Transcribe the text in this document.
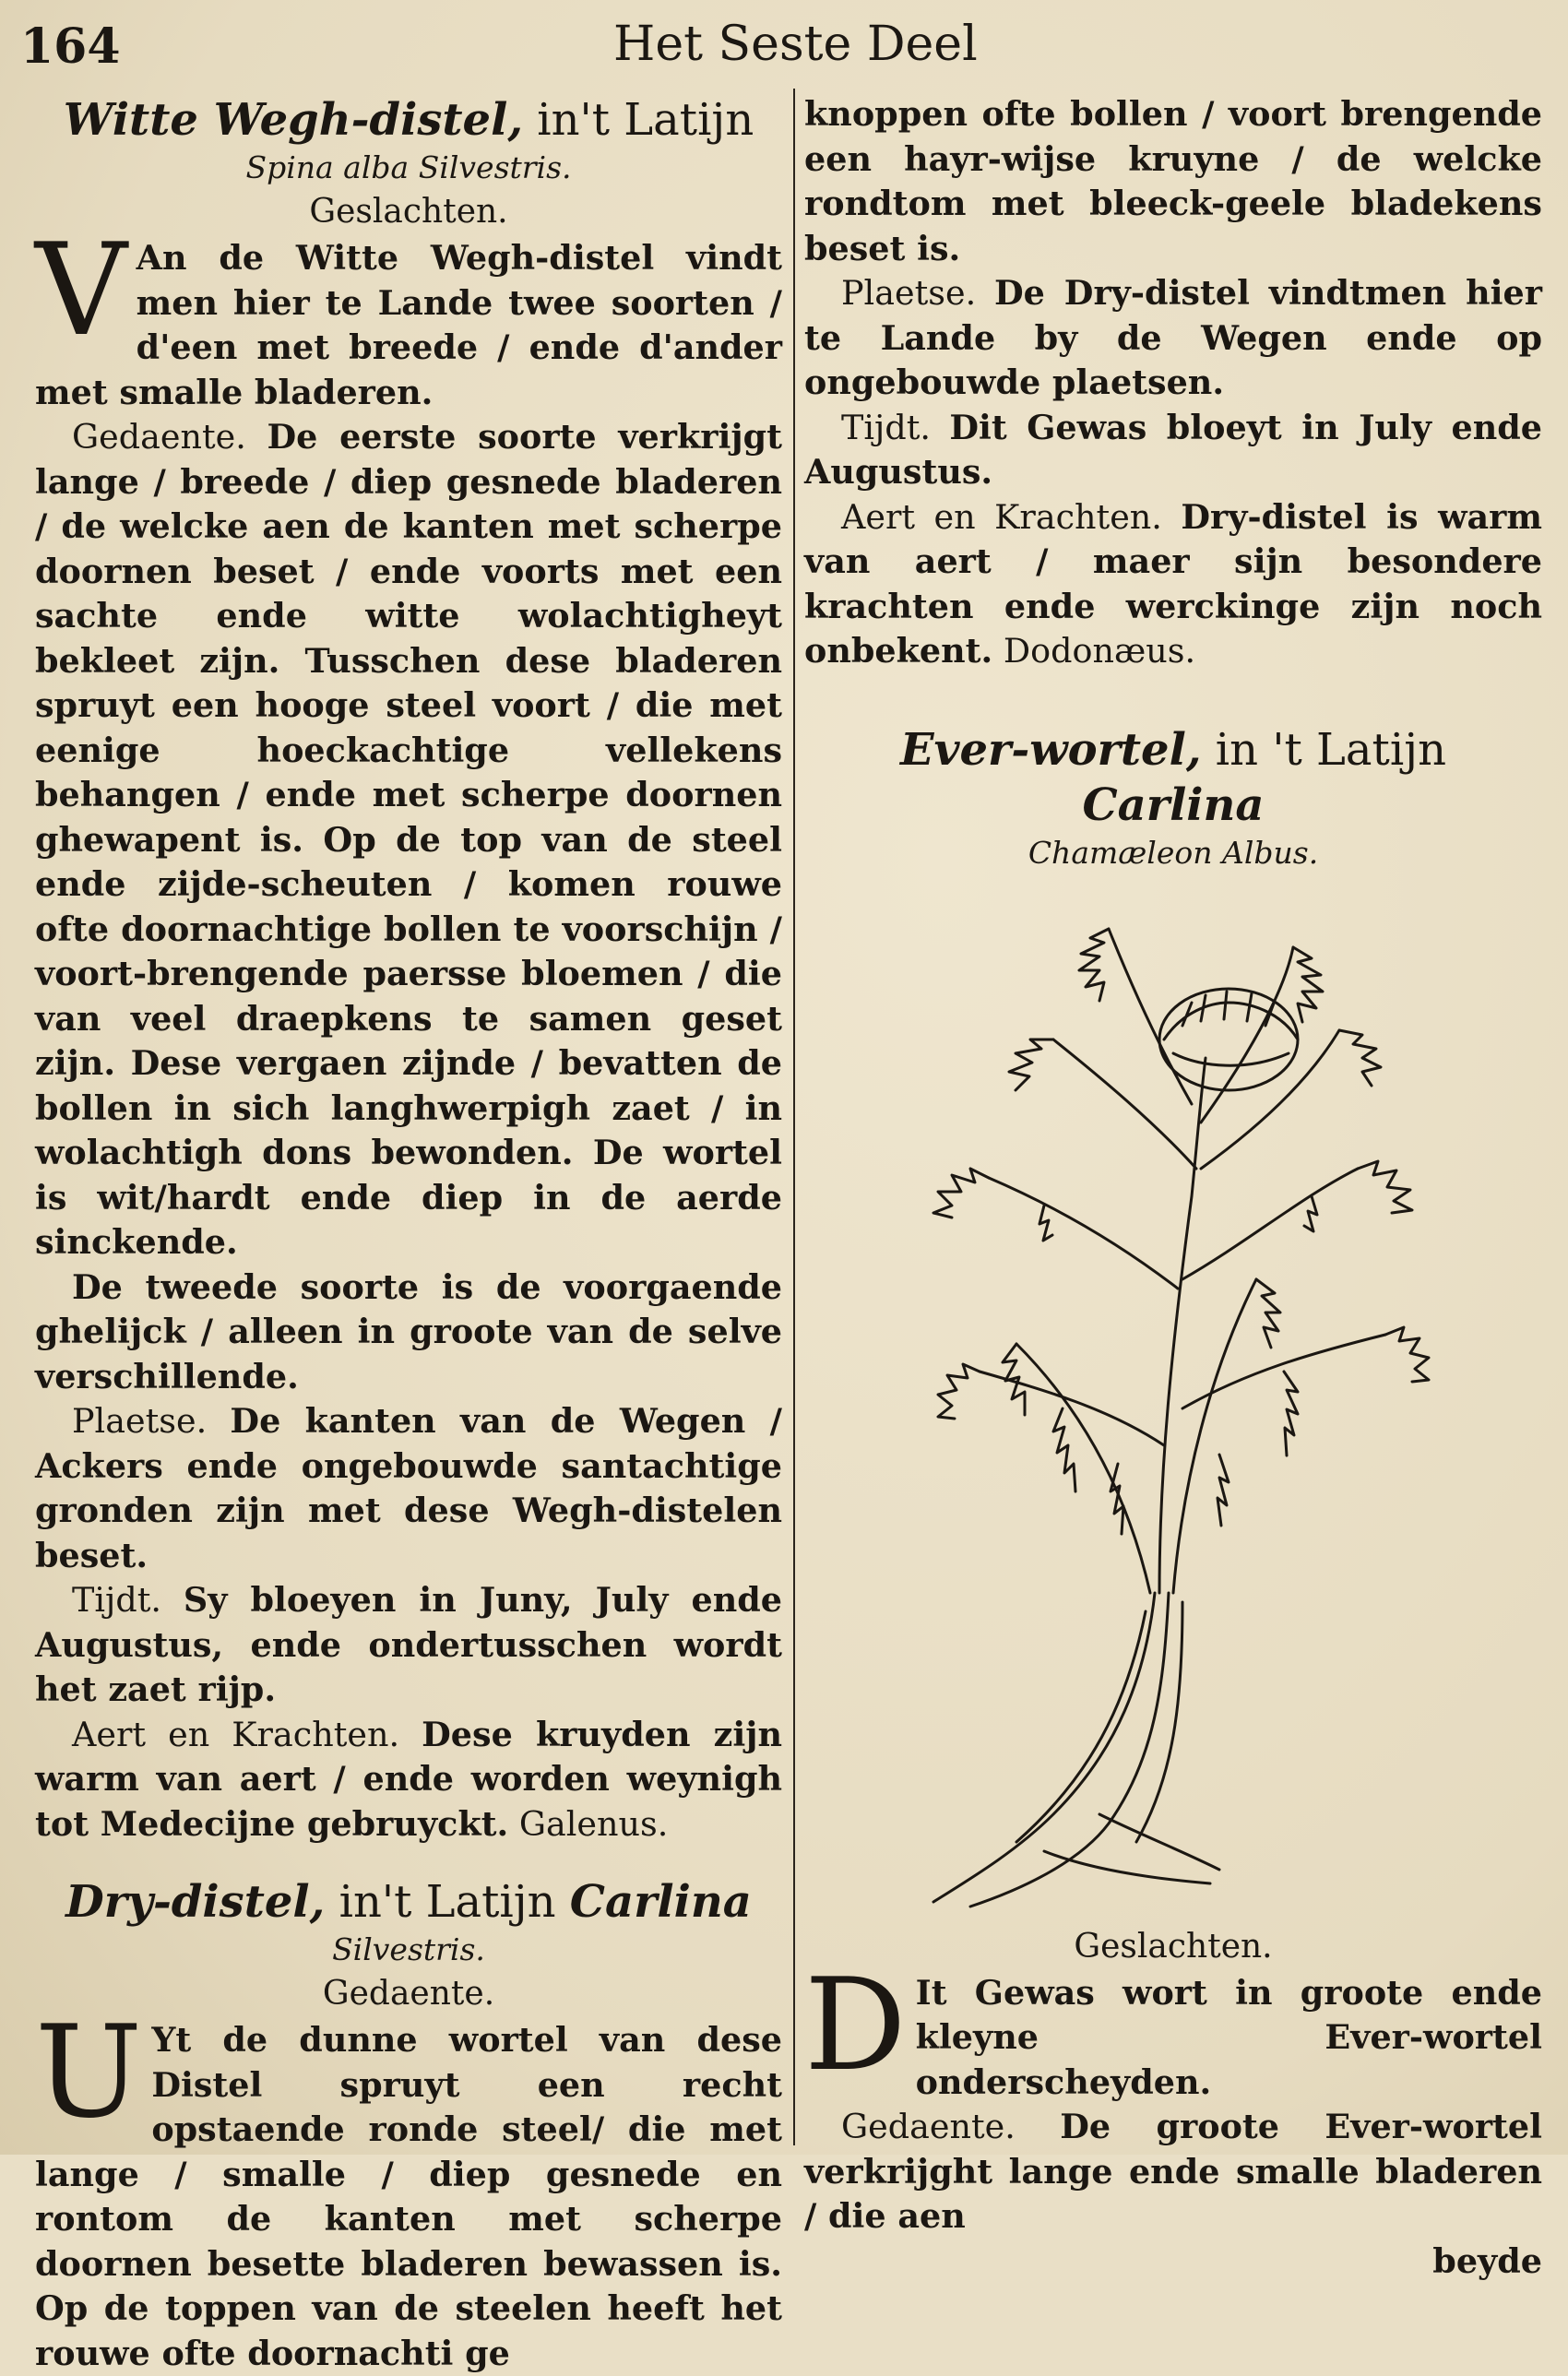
164	Het Seste Deel
Witte Wegh-distel, in't Latijn
Spina alba Silvestris.
Geslachten.

V An de Witte Wegh-distel vindt men hier te Lande twee soorten / d'een met breede / ende d'ander met smalle bladeren.

Gedaente. De eerste soorte verkrijgt lange / breede / diep gesnede bladeren / de welcke aen de kanten met scherpe doornen beset / ende voorts met een sachte ende witte wolachtigheyt bekleet zijn. Tusschen dese bladeren spruyt een hooge steel voort / die met eenige hoeckachtige vellekens behangen / ende met scherpe doornen ghewapent is. Op de top van de steel ende zijde-scheuten / komen rouwe ofte doornachtige bollen te voorschijn / voort-brengende paersse bloemen / die van veel draepkens te samen geset zijn. Dese vergaen zijnde / bevatten de bollen in sich langhwerpigh zaet / in wolachtigh dons bewonden. De wortel is wit/hardt ende diep in de aerde sinckende.

De tweede soorte is de voorgaende ghelijck / alleen in groote van de selve verschillende.

Plaetse. De kanten van de Wegen / Ackers ende ongebouwde santachtige gronden zijn met dese Wegh-distelen beset.

Tijdt. Sy bloeyen in Juny, July ende Augustus, ende ondertusschen wordt het zaet rijp.

Aert en Krachten. Dese kruyden zijn warm van aert / ende worden weynigh tot Medecijne gebruyckt. Galenus.

Dry-distel, in't Latijn Carlina
Silvestris.
Gedaente.

U Yt de dunne wortel van dese Distel spruyt een recht opstaende ronde steel/ die met lange / smalle / diep gesnede en rontom de kanten met scherpe doornen besette bladeren bewassen is. Op de toppen van de steelen heeft het rouwe ofte doornachti ge

knoppen ofte bollen / voort brengende een hayr-wijse kruyne / de welcke rondtom met bleeck-geele bladekens beset is.

Plaetse. De Dry-distel vindtmen hier te Lande by de Wegen ende op ongebouwde plaetsen.

Tijdt. Dit Gewas bloeyt in July ende Augustus.

Aert en Krachten. Dry-distel is warm van aert / maer sijn besondere krachten ende werckinge zijn noch onbekent. Dodonæus.

Ever-wortel, in 't Latijn Carlina
Chamæleon Albus.
Geslachten.

D It Gewas wort in groote ende kleyne Ever-wortel onderscheyden.

Gedaente. De groote Ever-wortel verkrijght lange ende smalle bladeren / die aen

beyde
